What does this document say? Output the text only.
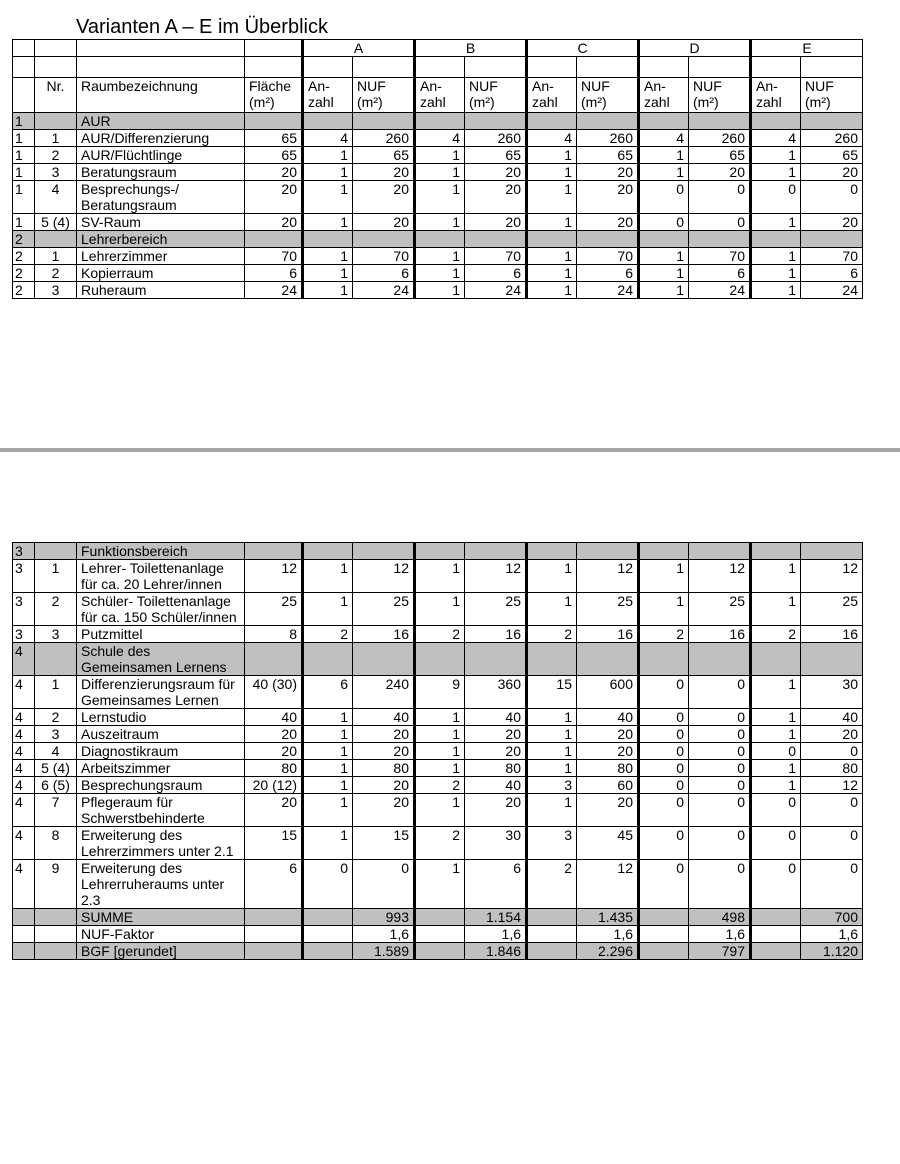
Varianten A – E im Überblick
				A		B		C		D		E	

	Nr.	Raumbezeichnung	Fläche (m²)	An- zahl	NUF (m²)	An- zahl	NUF (m²)	An- zahl	NUF (m²)	An- zahl	NUF (m²)	An- zahl	NUF (m²)
1		AUR											
1	1	AUR/Differenzierung	65	4	260	4	260	4	260	4	260	4	260
1	2	AUR/Flüchtlinge	65	1	65	1	65	1	65	1	65	1	65
1	3	Beratungsraum	20	1	20	1	20	1	20	1	20	1	20
1	4	Besprechungs-/ Beratungsraum	20	1	20	1	20	1	20	0	0	0	0
1	5 (4)	SV-Raum	20	1	20	1	20	1	20	0	0	1	20
2		Lehrerbereich											
2	1	Lehrerzimmer	70	1	70	1	70	1	70	1	70	1	70
2	2	Kopierraum	6	1	6	1	6	1	6	1	6	1	6
2	3	Ruheraum	24	1	24	1	24	1	24	1	24	1	24
3		Funktionsbereich											
3	1	Lehrer- Toilettenanlage für ca. 20 Lehrer/innen	12	1	12	1	12	1	12	1	12	1	12
3	2	Schüler- Toilettenanlage für ca. 150 Schüler/innen	25	1	25	1	25	1	25	1	25	1	25
3	3	Putzmittel	8	2	16	2	16	2	16	2	16	2	16
4		Schule des Gemeinsamen Lernens											
4	1	Differenzierungsraum für Gemeinsames Lernen	40 (30)	6	240	9	360	15	600	0	0	1	30
4	2	Lernstudio	40	1	40	1	40	1	40	0	0	1	40
4	3	Auszeitraum	20	1	20	1	20	1	20	0	0	1	20
4	4	Diagnostikraum	20	1	20	1	20	1	20	0	0	0	0
4	5 (4)	Arbeitszimmer	80	1	80	1	80	1	80	0	0	1	80
4	6 (5)	Besprechungsraum	20 (12)	1	20	2	40	3	60	0	0	1	12
4	7	Pflegeraum für Schwerstbehinderte	20	1	20	1	20	1	20	0	0	0	0
4	8	Erweiterung des Lehrerzimmers unter 2.1	15	1	15	2	30	3	45	0	0	0	0
4	9	Erweiterung des Lehrerruheraums unter 2.3	6	0	0	1	6	2	12	0	0	0	0
		SUMME			993		1.154		1.435		498		700
		NUF-Faktor			1,6		1,6		1,6		1,6		1,6
		BGF [gerundet]			1.589		1.846		2.296		797		1.120
